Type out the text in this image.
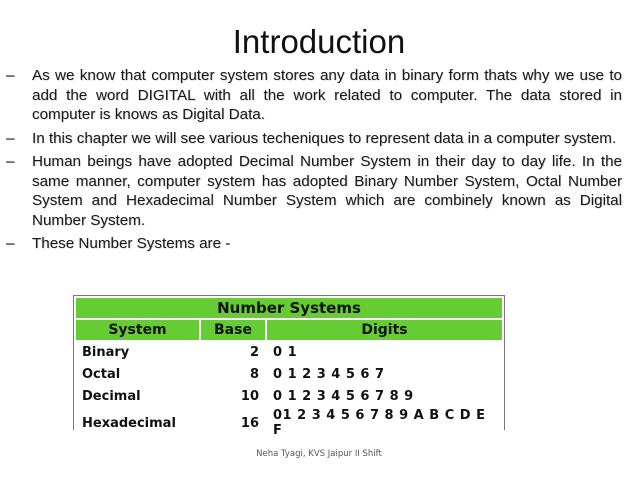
Introduction
–	As we know that computer system stores any data in binary form thats why we use to add the word DIGITAL with all the work related to computer. The data stored in computer is knows as Digital Data.
–	In this chapter we will see various techeniques to represent data in a computer system.
–	Human beings have adopted Decimal Number System in their day to day life. In the same manner, computer system has adopted Binary Number System, Octal Number System and Hexadecimal Number System which are combinely known as Digital Number System.
–	These Number Systems are -
Number Systems		
System	Base	Digits
Binary	2	0 1
Octal	8	0 1 2 3 4 5 6 7
Decimal	10	0 1 2 3 4 5 6 7 8 9
Hexadecimal	16	01 2 3 4 5 6 7 8 9 A B C D E F
Neha Tyagi, KVS Jaipur II Shift
